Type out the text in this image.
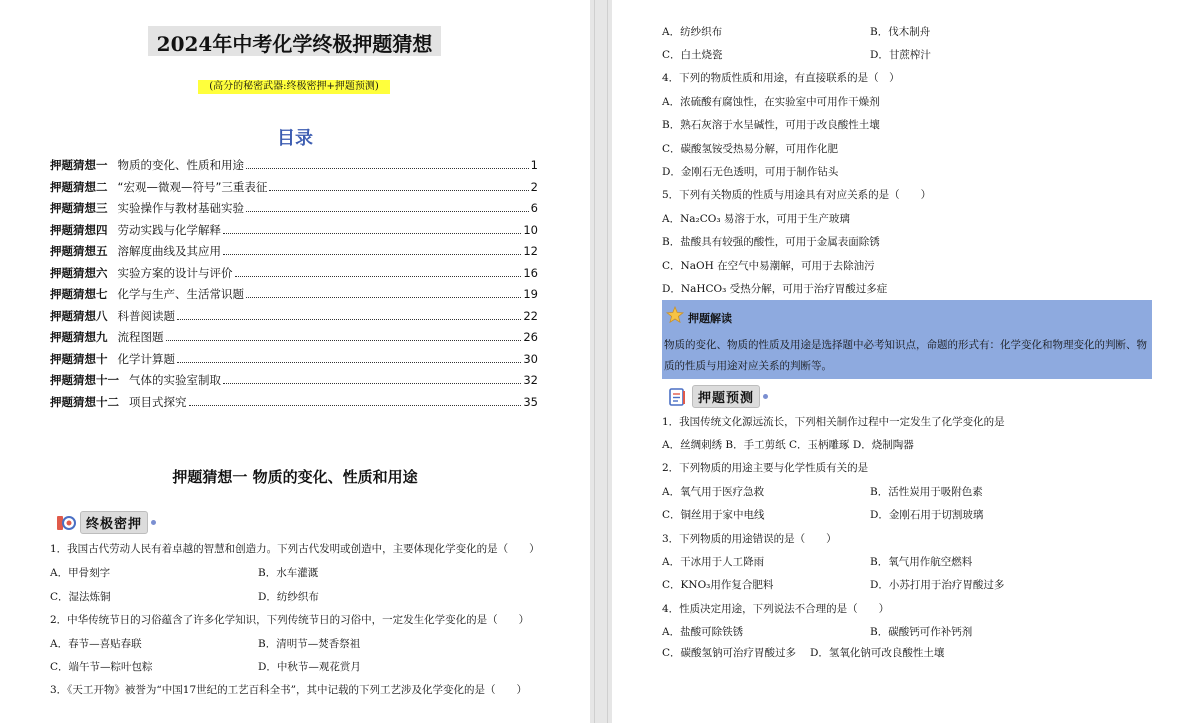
2024年中考化学终极押题猜想
(高分的秘密武器:终极密押+押题预测)
目录
押题猜想一 物质的变化、性质和用途	1
押题猜想二 “宏观—微观—符号”三重表征	2
押题猜想三 实验操作与教材基础实验	6
押题猜想四 劳动实践与化学解释	10
押题猜想五 溶解度曲线及其应用	12
押题猜想六 实验方案的设计与评价	16
押题猜想七 化学与生产、生活常识题	19
押题猜想八 科普阅读题	22
押题猜想九 流程图题	26
押题猜想十 化学计算题	30
押题猜想十一 气体的实验室制取	32
押题猜想十二 项目式探究	35
押题猜想一 物质的变化、性质和用途
终极密押
1．我国古代劳动人民有着卓越的智慧和创造力。下列古代发明或创造中，主要体现化学变化的是（　　）
A．甲骨刻字	B．水车灌溉
C．湿法炼铜	D．纺纱织布
2．中华传统节日的习俗蕴含了许多化学知识，下列传统节日的习俗中，一定发生化学变化的是（　　）
A．春节—喜贴春联	B．清明节—焚香祭祖
C．端午节—粽叶包粽	D．中秋节—观花赏月
3．《天工开物》被誉为“中国17世纪的工艺百科全书”，其中记载的下列工艺涉及化学变化的是（　　）
A．纺纱织布	B．伐木制舟
C．白土烧瓷	D．甘蔗榨汁
4．下列的物质性质和用途，有直接联系的是（　）
A．浓硫酸有腐蚀性，在实验室中可用作干燥剂
B．熟石灰溶于水呈碱性，可用于改良酸性土壤
C．碳酸氢铵受热易分解，可用作化肥
D．金刚石无色透明，可用于制作钻头
5．下列有关物质的性质与用途具有对应关系的是（　　）
A．Na₂CO₃ 易溶于水，可用于生产玻璃
B．盐酸具有较强的酸性，可用于金属表面除锈
C．NaOH 在空气中易潮解，可用于去除油污
D．NaHCO₃ 受热分解，可用于治疗胃酸过多症
押题解读
物质的变化、物质的性质及用途是选择题中必考知识点，命题的形式有：化学变化和物理变化的判断、物质的性质与用途对应关系的判断等。
押题预测
1．我国传统文化源远流长，下列相关制作过程中一定发生了化学变化的是
A．丝绸刺绣 B．手工剪纸 C．玉柄雕琢 D．烧制陶器
2．下列物质的用途主要与化学性质有关的是
A．氧气用于医疗急救	B．活性炭用于吸附色素
C．铜丝用于家中电线	D．金刚石用于切割玻璃
3．下列物质的用途错误的是（　　）
A．干冰用于人工降雨	B．氧气用作航空燃料
C．KNO₃用作复合肥料	D．小苏打用于治疗胃酸过多
4．性质决定用途，下列说法不合理的是（　　）
A．盐酸可除铁锈	B．碳酸钙可作补钙剂
C．碳酸氢钠可治疗胃酸过多 D．氢氧化钠可改良酸性土壤
